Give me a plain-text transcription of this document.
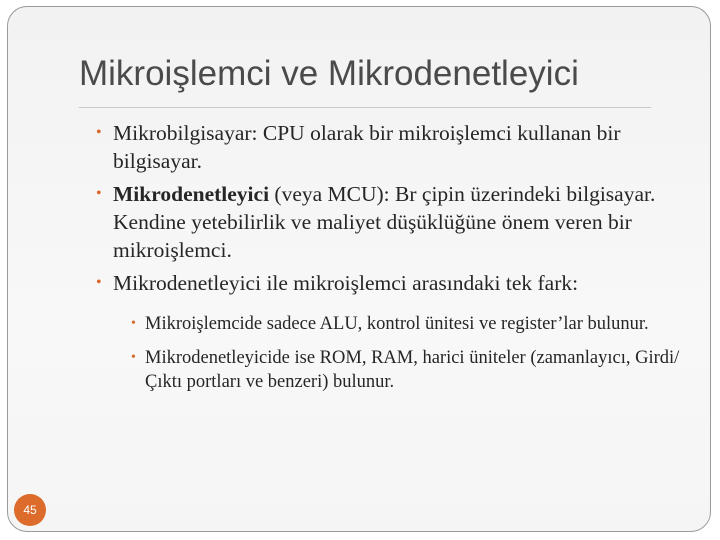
Mikroişlemci ve Mikrodenetleyici
• Mikrobilgisayar: CPU olarak bir mikroişlemci kullanan bir bilgisayar.
• Mikrodenetleyici (veya MCU): Br çipin üzerindeki bilgisayar. Kendine yetebilirlik ve maliyet düşüklüğüne önem veren bir mikroişlemci.
• Mikrodenetleyici ile mikroişlemci arasındaki tek fark:
• Mikroişlemcide sadece ALU, kontrol ünitesi ve register’lar bulunur.
• Mikrodenetleyicide ise ROM, RAM, harici üniteler (zamanlayıcı, Girdi/Çıktı portları ve benzeri) bulunur.
45
